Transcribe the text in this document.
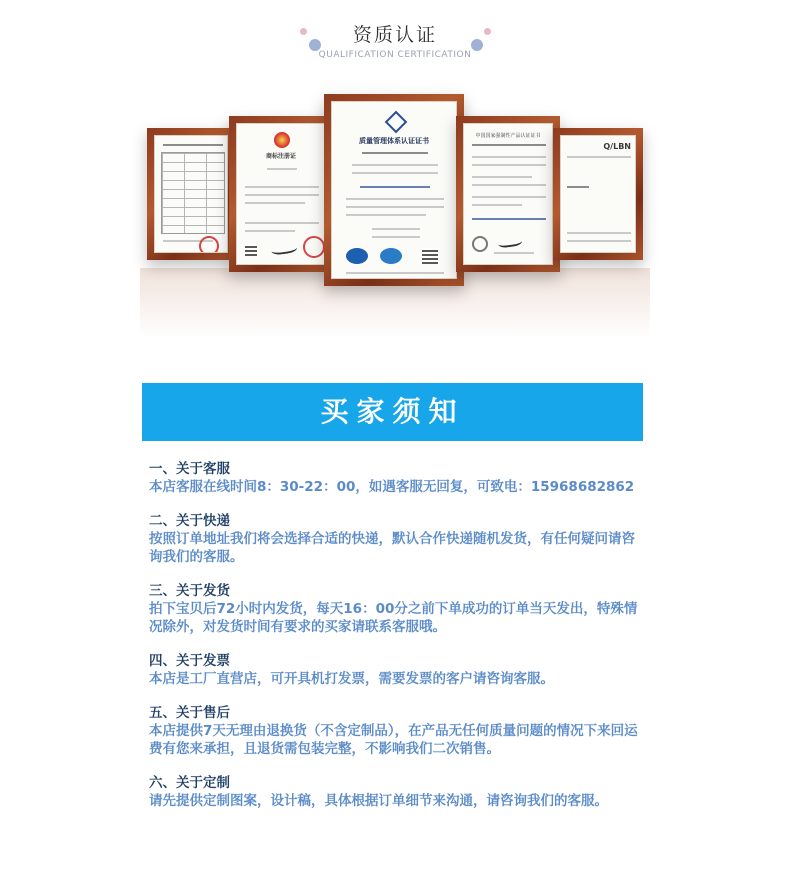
资质认证
QUALIFICATION CERTIFICATION
商标注册证
质量管理体系认证证书
中国国家强制性产品认证证书
Q/LBN
买家须知
一、关于客服
本店客服在线时间8：30-22：00，如遇客服无回复，可致电：15968682862
二、关于快递
按照订单地址我们将会选择合适的快递，默认合作快递随机发货，有任何疑问请咨询我们的客服。
三、关于发货
拍下宝贝后72小时内发货，每天16：00分之前下单成功的订单当天发出，特殊情况除外，对发货时间有要求的买家请联系客服哦。
四、关于发票
本店是工厂直营店，可开具机打发票，需要发票的客户请咨询客服。
五、关于售后
本店提供7天无理由退换货（不含定制品），在产品无任何质量问题的情况下来回运费有您来承担，且退货需包装完整，不影响我们二次销售。
六、关于定制
请先提供定制图案，设计稿，具体根据订单细节来沟通，请咨询我们的客服。
